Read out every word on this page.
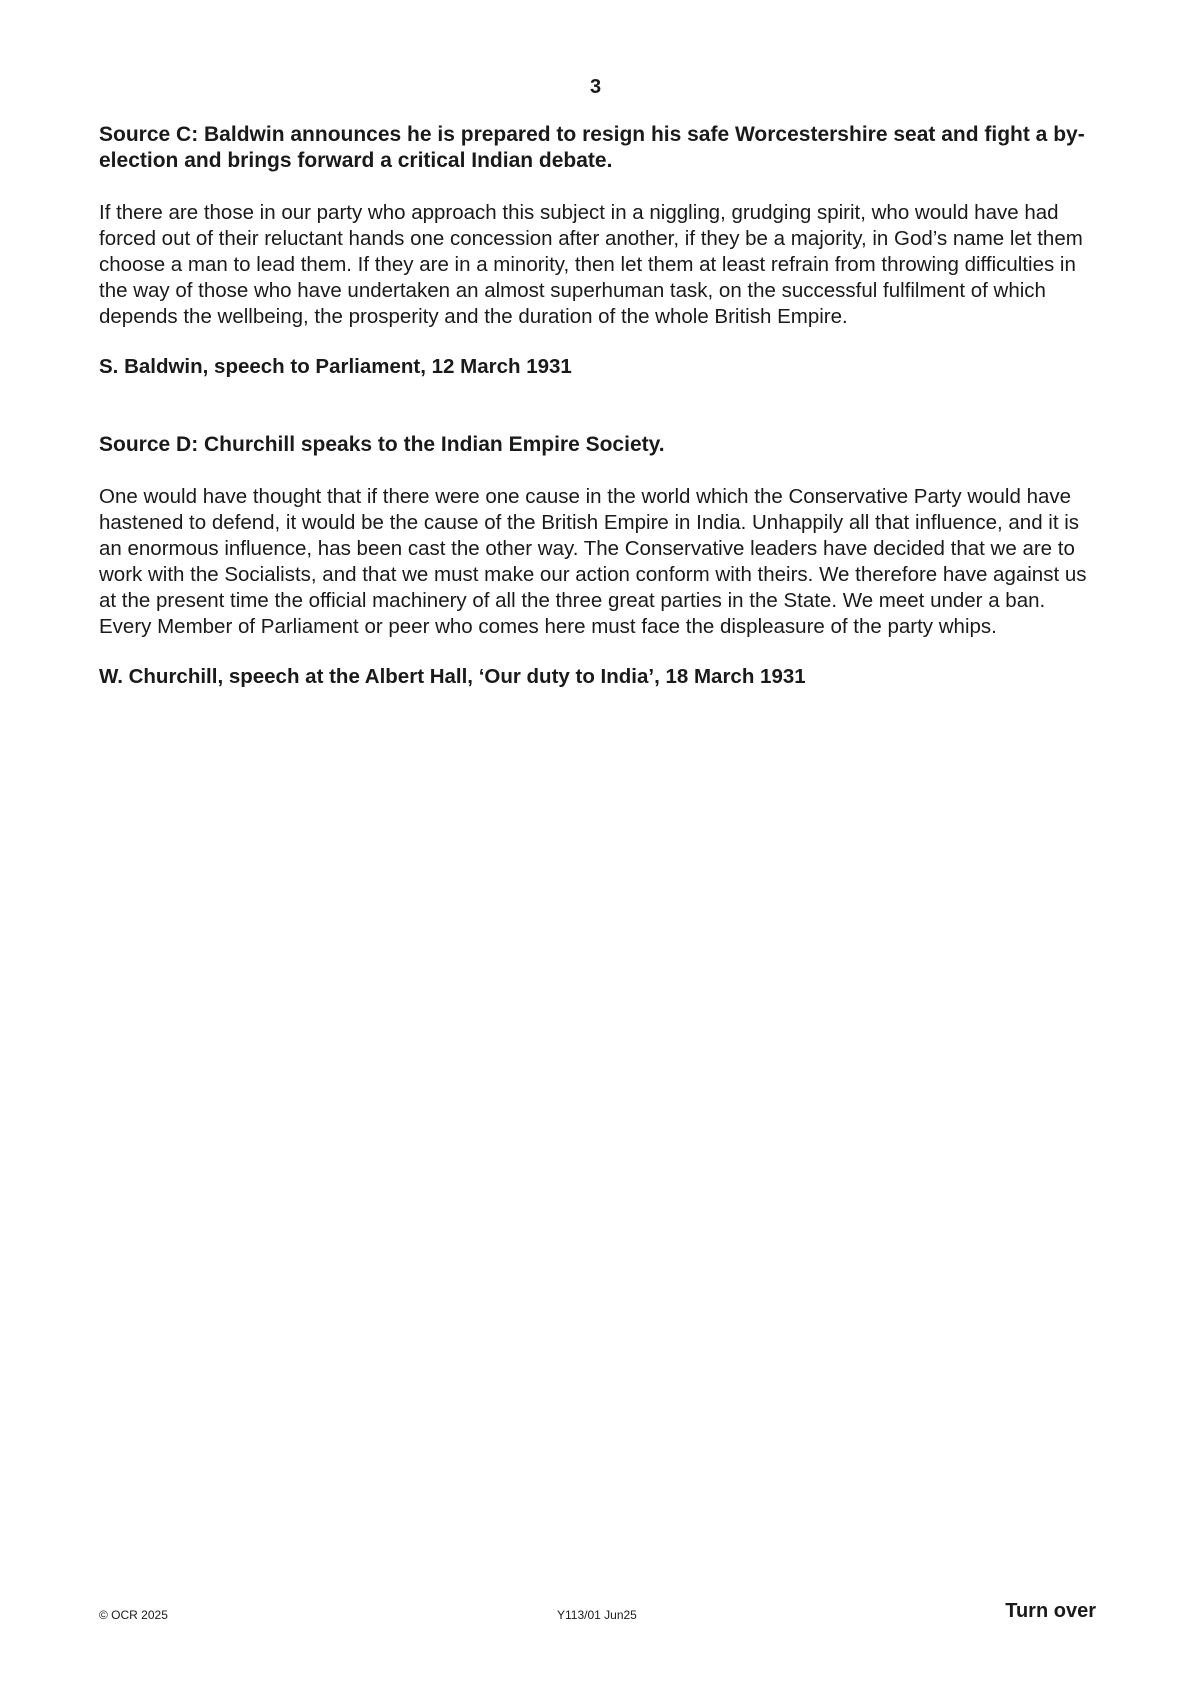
3

Source C: Baldwin announces he is prepared to resign his safe Worcestershire seat and fight a by-election and brings forward a critical Indian debate.

If there are those in our party who approach this subject in a niggling, grudging spirit, who would have had forced out of their reluctant hands one concession after another, if they be a majority, in God’s name let them choose a man to lead them. If they are in a minority, then let them at least refrain from throwing difficulties in the way of those who have undertaken an almost superhuman task, on the successful fulfilment of which depends the wellbeing, the prosperity and the duration of the whole British Empire.

S. Baldwin, speech to Parliament, 12 March 1931

Source D: Churchill speaks to the Indian Empire Society.

One would have thought that if there were one cause in the world which the Conservative Party would have hastened to defend, it would be the cause of the British Empire in India. Unhappily all that influence, and it is an enormous influence, has been cast the other way. The Conservative leaders have decided that we are to work with the Socialists, and that we must make our action conform with theirs. We therefore have against us at the present time the official machinery of all the three great parties in the State. We meet under a ban. Every Member of Parliament or peer who comes here must face the displeasure of the party whips.

W. Churchill, speech at the Albert Hall, ‘Our duty to India’, 18 March 1931

© OCR 2025	Y113/01 Jun25	Turn over
